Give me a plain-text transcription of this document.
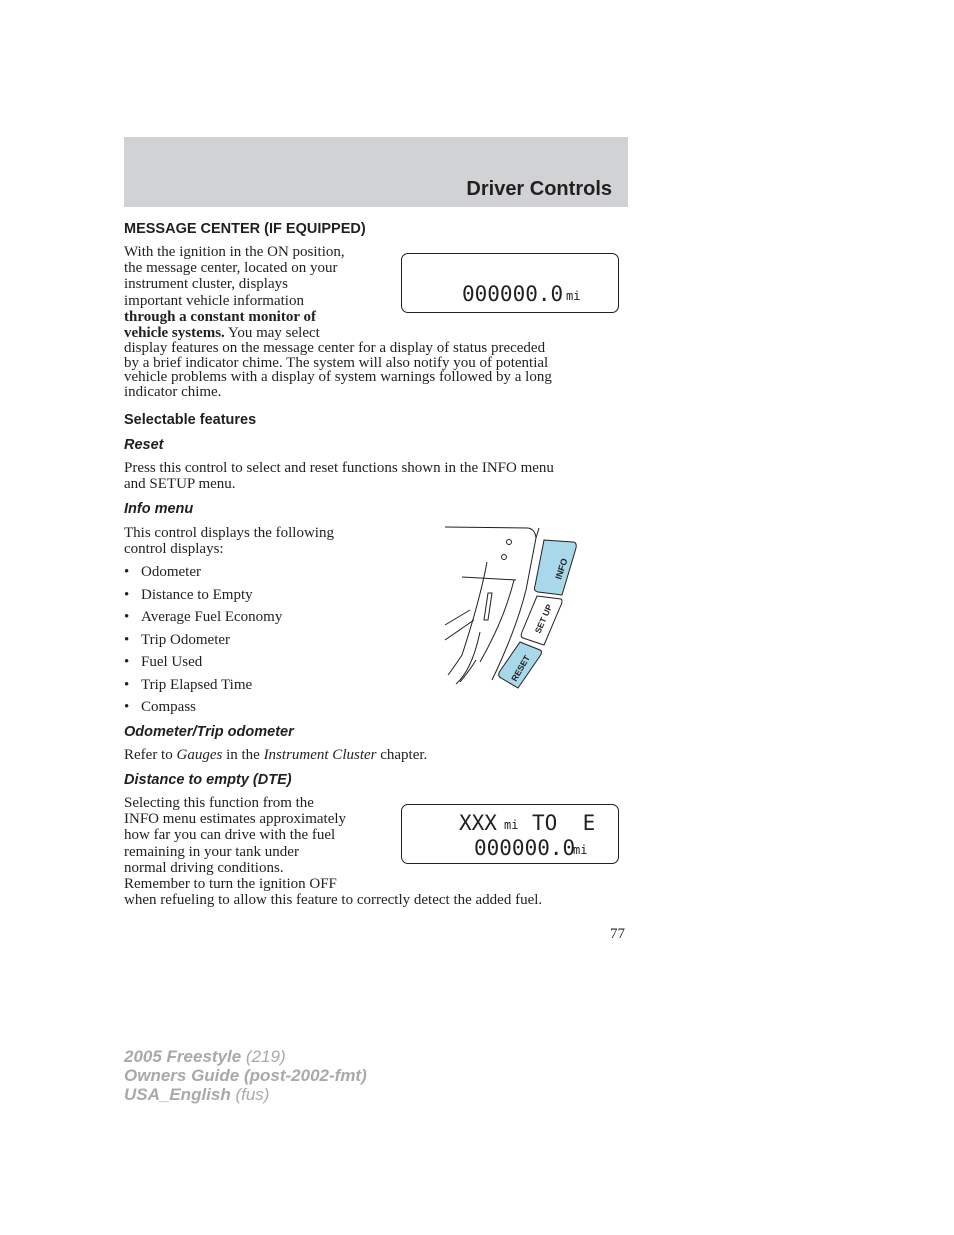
Driver Controls
MESSAGE CENTER (IF EQUIPPED)
With the ignition in the ON position,
the message center, located on your
instrument cluster, displays
important vehicle information
through a constant monitor of
vehicle systems. You may select
display features on the message center for a display of status preceded
by a brief indicator chime. The system will also notify you of potential
vehicle problems with a display of system warnings followed by a long
indicator chime.
000000.0 mi
Selectable features
Reset
Press this control to select and reset functions shown in the INFO menu
and SETUP menu.
Info menu
This control displays the following
control displays:
• Odometer
• Distance to Empty
• Average Fuel Economy
• Trip Odometer
• Fuel Used
• Trip Elapsed Time
• Compass
INFO
SET UP
RESET
Odometer/Trip odometer
Refer to Gauges in the Instrument Cluster chapter.
Distance to empty (DTE)
Selecting this function from the
INFO menu estimates approximately
how far you can drive with the fuel
remaining in your tank under
normal driving conditions.
Remember to turn the ignition OFF
when refueling to allow this feature to correctly detect the added fuel.
XXX mi TO  E
000000.0
mi
77
2005 Freestyle (219)
Owners Guide (post-2002-fmt)
USA_English (fus)
